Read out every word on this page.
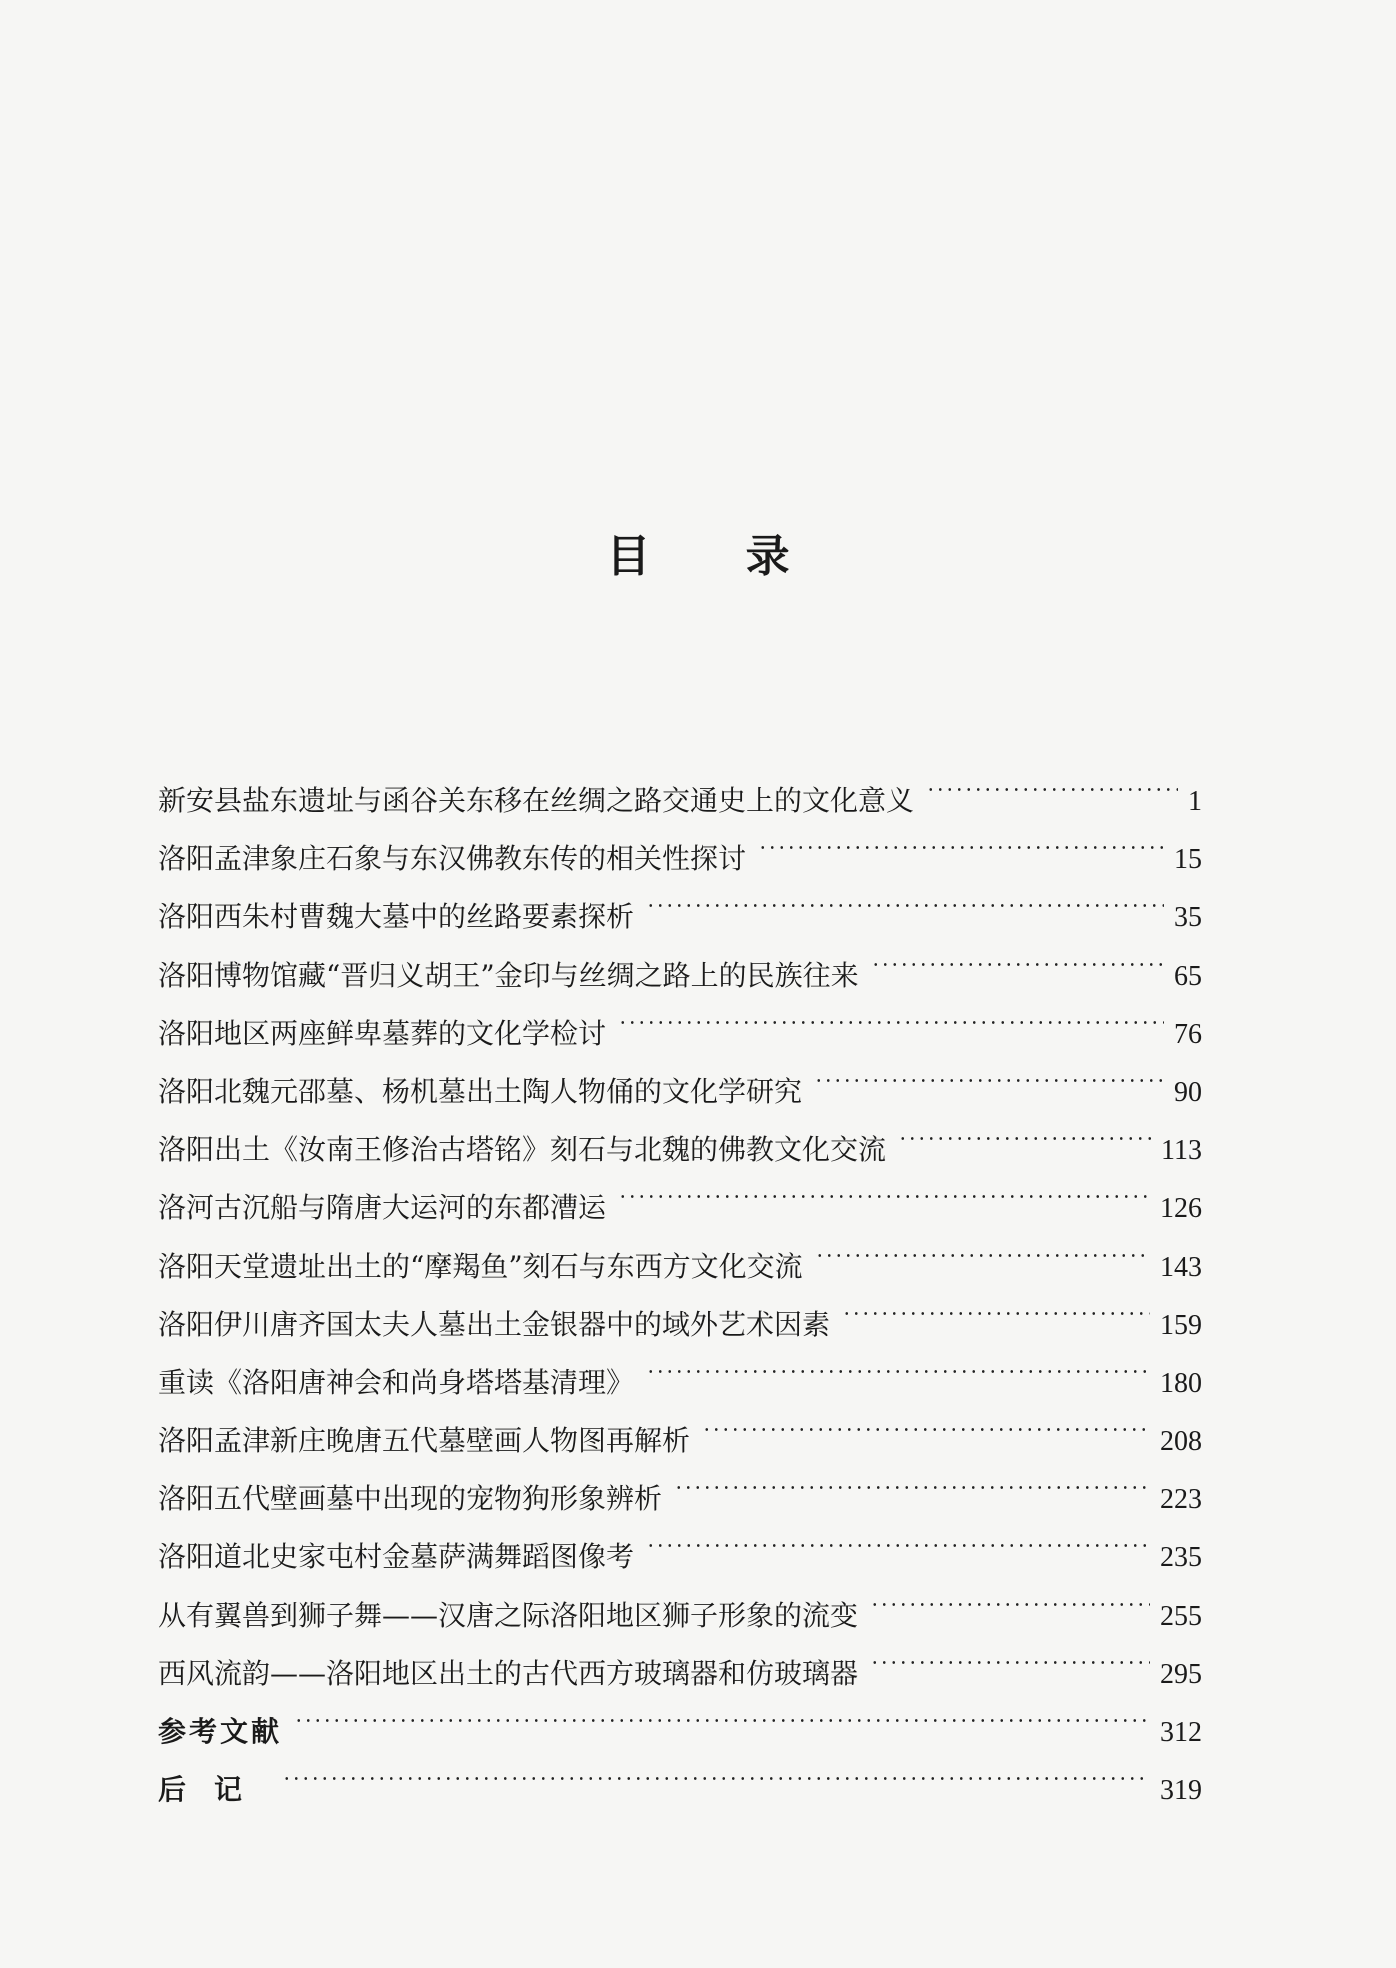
目 录
新安县盐东遗址与函谷关东移在丝绸之路交通史上的文化意义	1
洛阳孟津象庄石象与东汉佛教东传的相关性探讨	15
洛阳西朱村曹魏大墓中的丝路要素探析	35
洛阳博物馆藏“晋归义胡王”金印与丝绸之路上的民族往来	65
洛阳地区两座鲜卑墓葬的文化学检讨	76
洛阳北魏元邵墓、杨机墓出土陶人物俑的文化学研究	90
洛阳出土《汝南王修治古塔铭》刻石与北魏的佛教文化交流	113
洛河古沉船与隋唐大运河的东都漕运	126
洛阳天堂遗址出土的“摩羯鱼”刻石与东西方文化交流	143
洛阳伊川唐齐国太夫人墓出土金银器中的域外艺术因素	159
重读《洛阳唐神会和尚身塔塔基清理》	180
洛阳孟津新庄晚唐五代墓壁画人物图再解析	208
洛阳五代壁画墓中出现的宠物狗形象辨析	223
洛阳道北史家屯村金墓萨满舞蹈图像考	235
从有翼兽到狮子舞——汉唐之际洛阳地区狮子形象的流变	255
西风流韵——洛阳地区出土的古代西方玻璃器和仿玻璃器	295
参考文献	312
后记	319
